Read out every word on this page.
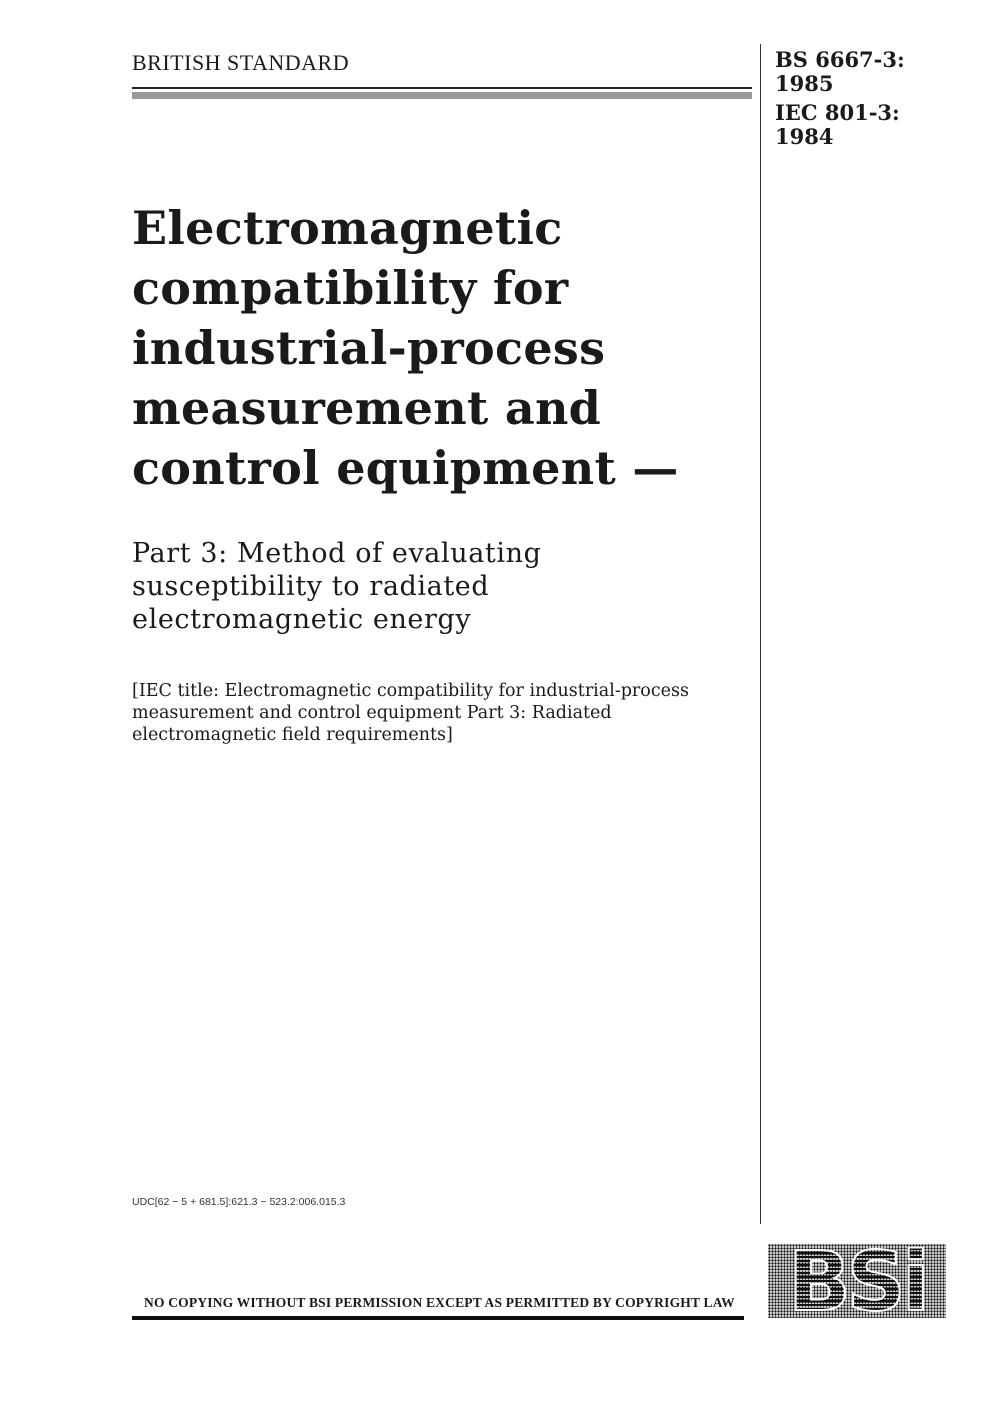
BRITISH STANDARD	BS 6667-3:
1985
IEC 801-3:
1984
Electromagnetic
compatibility for
industrial-process
measurement and
control equipment —
Part 3: Method of evaluating
susceptibility to radiated
electromagnetic energy
[IEC title: Electromagnetic compatibility for industrial-process
measurement and control equipment Part 3: Radiated
electromagnetic field requirements]
UDC[62 − 5 + 681.5]:621.3 − 523.2:006.015.3
NO COPYING WITHOUT BSI PERMISSION EXCEPT AS PERMITTED BY COPYRIGHT LAW BSi
